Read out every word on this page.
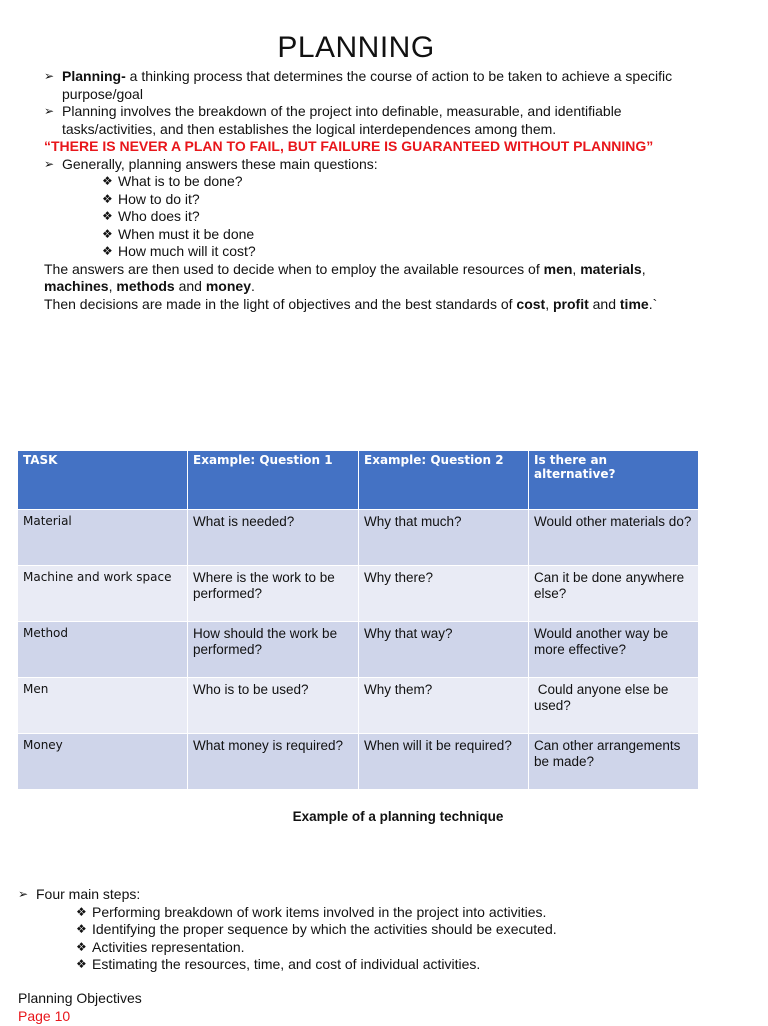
PLANNING
➢ Planning- a thinking process that determines the course of action to be taken to achieve a specific purpose/goal
➢ Planning involves the breakdown of the project into definable, measurable, and identifiable tasks/activities, and then establishes the logical interdependences among them.
“THERE IS NEVER A PLAN TO FAIL, BUT FAILURE IS GUARANTEED WITHOUT PLANNING”
➢ Generally, planning answers these main questions:
❖ What is to be done?
❖ How to do it?
❖ Who does it?
❖ When must it be done
❖ How much will it cost?
The answers are then used to decide when to employ the available resources of men, materials,
machines, methods and money.
Then decisions are made in the light of objectives and the best standards of cost, profit and time.`
TASK	Example: Question 1	Example: Question 2	Is there an alternative?
Material	What is needed?	Why that much?	Would other materials do?
Machine and work space	Where is the work to be performed?	Why there?	Can it be done anywhere else?
Method	How should the work be performed?	Why that way?	Would another way be more effective?
Men	Who is to be used?	Why them?	Could anyone else be used?
Money	What money is required?	When will it be required?	Can other arrangements be made?
Example of a planning technique
➢ Four main steps:
❖ Performing breakdown of work items involved in the project into activities.
❖ Identifying the proper sequence by which the activities should be executed.
❖ Activities representation.
❖ Estimating the resources, time, and cost of individual activities.
Planning Objectives
Page 10
